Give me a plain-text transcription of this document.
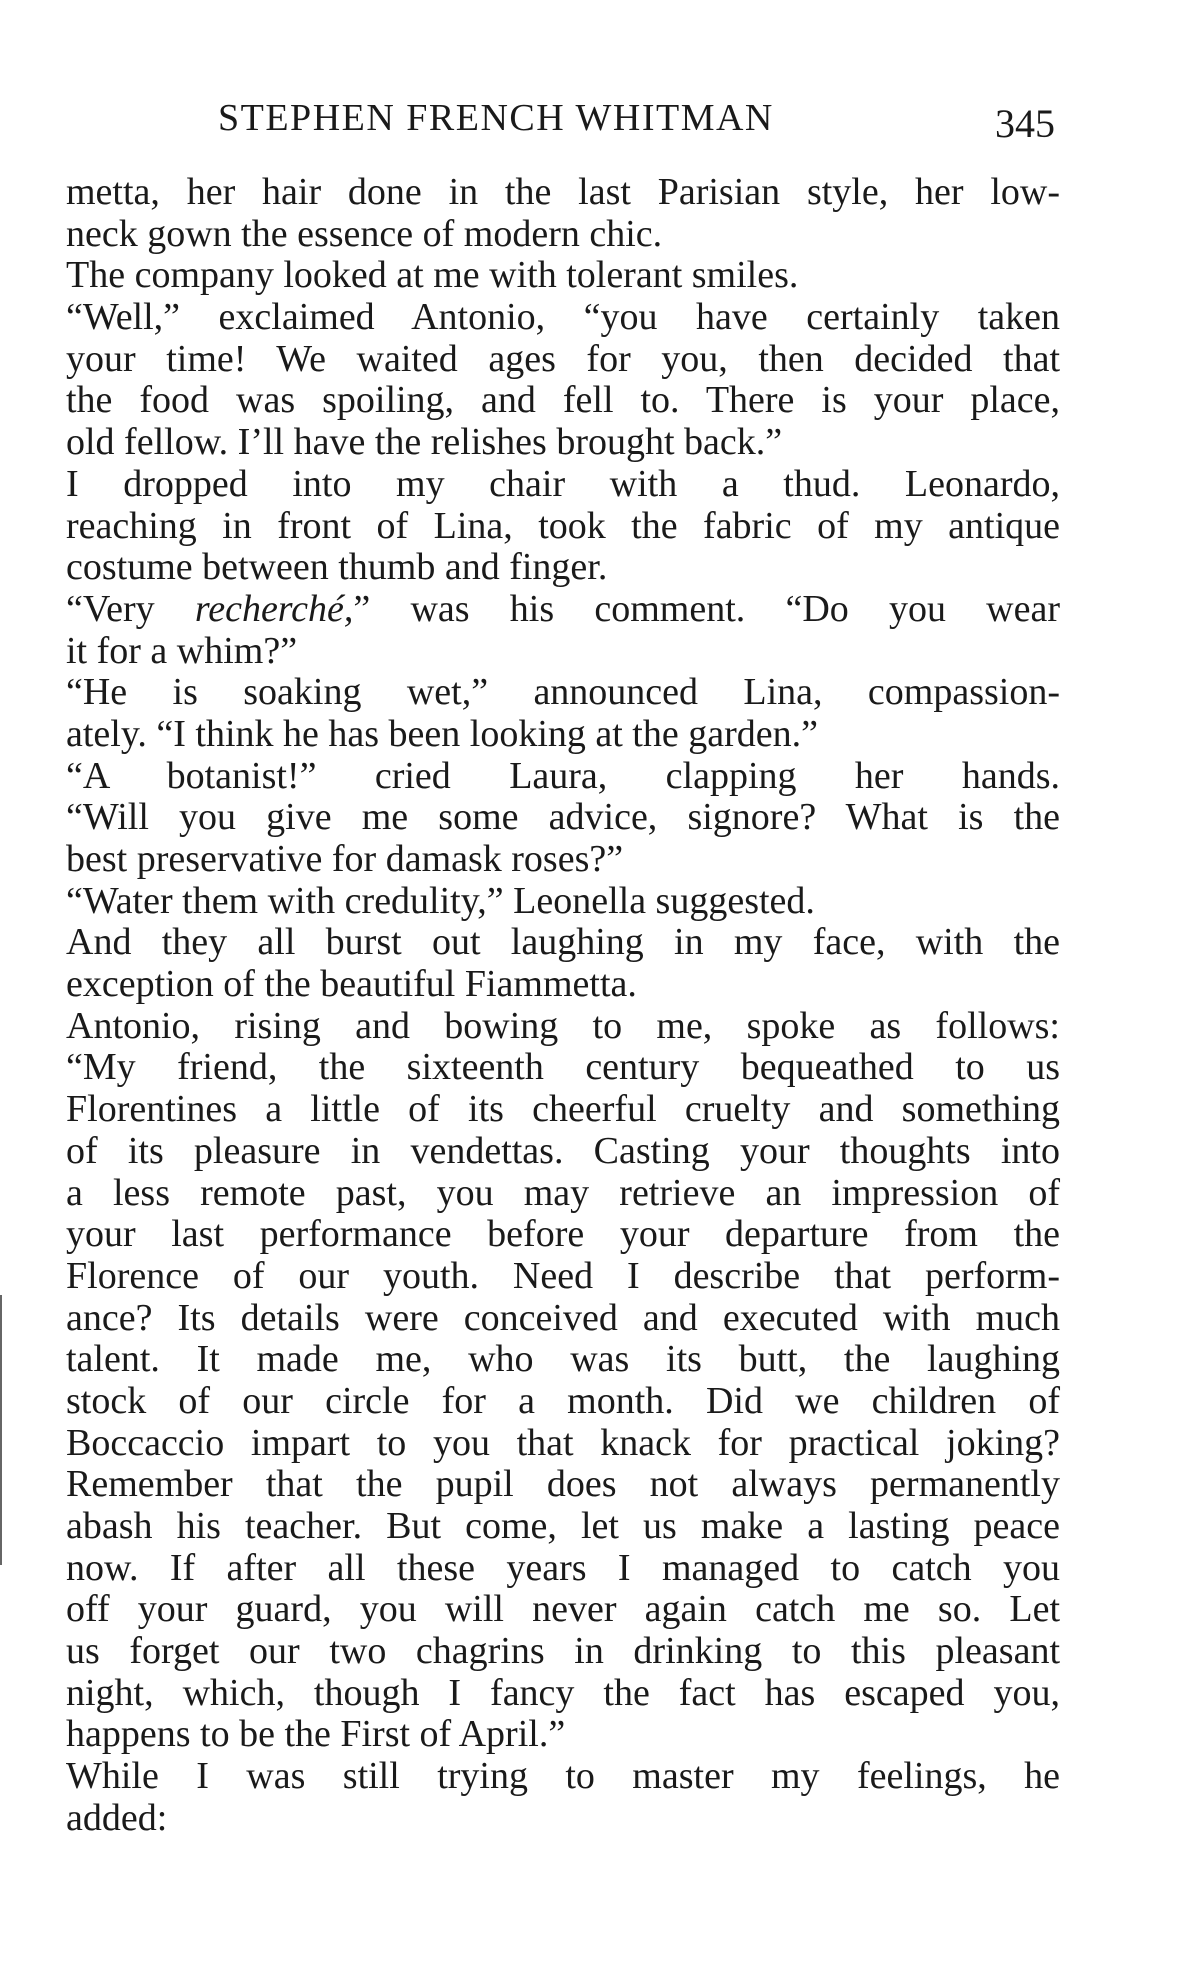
STEPHEN FRENCH WHITMAN	345
metta, her hair done in the last Parisian style, her low-
neck gown the essence of modern chic.
The company looked at me with tolerant smiles.
“Well,” exclaimed Antonio, “you have certainly taken
your time! We waited ages for you, then decided that
the food was spoiling, and fell to. There is your place,
old fellow. I’ll have the relishes brought back.”
I dropped into my chair with a thud. Leonardo,
reaching in front of Lina, took the fabric of my antique
costume between thumb and finger.
“Very recherché,” was his comment. “Do you wear
it for a whim?”
“He is soaking wet,” announced Lina, compassion-
ately. “I think he has been looking at the garden.”
“A botanist!” cried Laura, clapping her hands.
“Will you give me some advice, signore? What is the
best preservative for damask roses?”
“Water them with credulity,” Leonella suggested.
And they all burst out laughing in my face, with the
exception of the beautiful Fiammetta.
Antonio, rising and bowing to me, spoke as follows:
“My friend, the sixteenth century bequeathed to us
Florentines a little of its cheerful cruelty and something
of its pleasure in vendettas. Casting your thoughts into
a less remote past, you may retrieve an impression of
your last performance before your departure from the
Florence of our youth. Need I describe that perform-
ance? Its details were conceived and executed with much
talent. It made me, who was its butt, the laughing
stock of our circle for a month. Did we children of
Boccaccio impart to you that knack for practical joking?
Remember that the pupil does not always permanently
abash his teacher. But come, let us make a lasting peace
now. If after all these years I managed to catch you
off your guard, you will never again catch me so. Let
us forget our two chagrins in drinking to this pleasant
night, which, though I fancy the fact has escaped you,
happens to be the First of April.”
While I was still trying to master my feelings, he
added:
